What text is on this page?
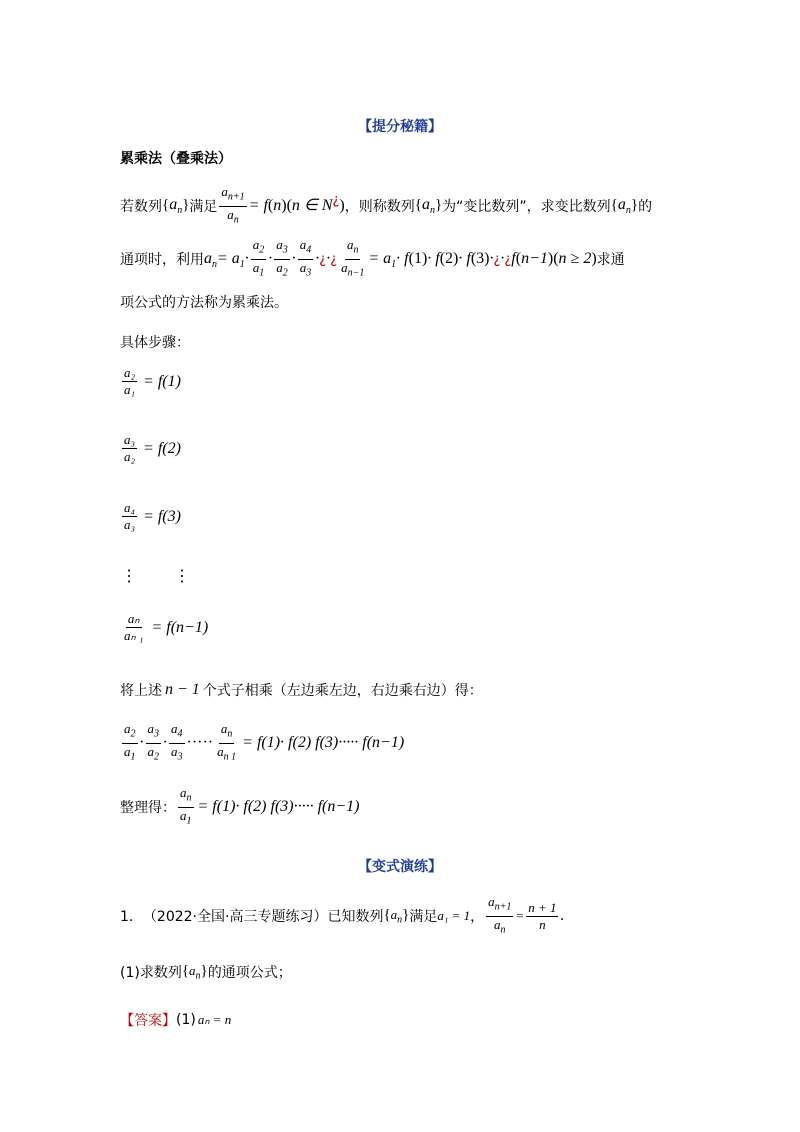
【提分秘籍】
累乘法（叠乘法）
若数列 $\{a_n\}$ 满足 $\frac{a_{n+1}}{a_n} = f(n)(n$ ∈ N¿) ，则称数列 $\{a_n\}$ 为“变比数列”，求变比数列 $\{a_n\}$ 的
通项时，利用 $a_n= a_1\cdot \frac{a_2}{a_1} \cdot \frac{a_3}{a_2} \cdot \frac{a_4}{a_3}$ ·¿·¿ $\frac{a_n}{a_{n-1}} = a_1\cdot f(1)\cdot f(2)\cdot$ f(3)·¿·¿f(n−1)(n ≥ 2) 求通
项公式的方法称为累乘法。
具体步骤：
$\frac{\text{a₂}}{\text{a₁}} = f(1)$
$\frac{\text{a₃}}{\text{a₂}} = f(2)$
$\frac{\text{a₄}}{\text{a₃}} = f(3)$
⋮ ⋮
$\frac{\text{aₙ}}{\text{aₙ ₁}} = f(n-1)$
将上述 n − 1 个式子相乘（左边乘左边，右边乘右边）得：
$\frac{a_2}{a_1} \cdot \frac{a_3}{a_2} \cdot \frac{a_4}{a_3}$ ····· $\frac{a_n}{a_{n 1}} = f(1)\cdot f(2)$ f(3)····· f(n−1)
整理得： $\frac{a_n}{a_1} = f(1)\cdot f(2)$ f(3)····· f(n−1)
【变式演练】
1． （2022·全国·高三专题练习）已知数列 $\{a_n\}$ 满足 a₁ = 1 ， $\frac{a_{n+1}}{a_n} = \frac{n + 1}{n}$ .
(1)求数列 $\{a_n\}$ 的通项公式；
【答案】 (1) aₙ = n
